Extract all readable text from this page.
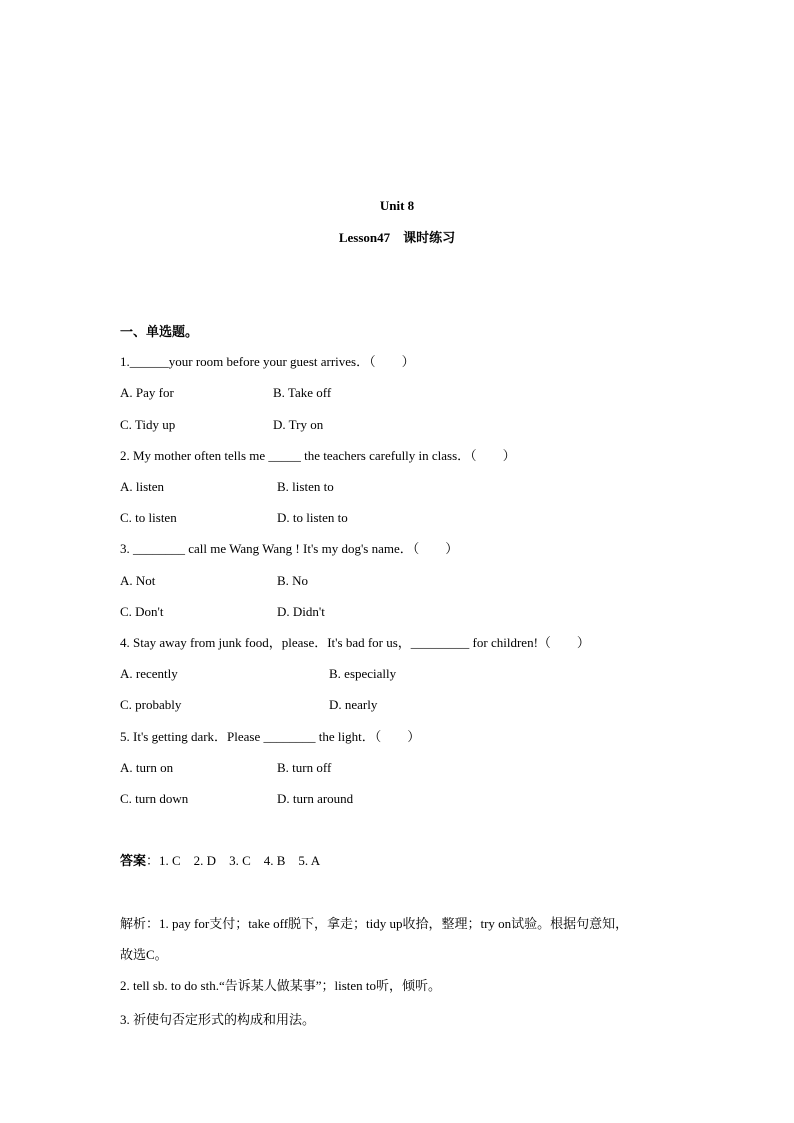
Unit 8
Lesson47　课时练习
一、单选题。
1.______your room before your guest arrives．（　　）
A. Pay for	B. Take off
C. Tidy up	D. Try on
2. My mother often tells me _____ the teachers carefully in class．（　　）
A. listen	B. listen to
C. to listen	D. to listen to
3. ________ call me Wang Wang ! It's my dog's name．（　　）
A. Not	B. No
C. Don't	D. Didn't
4. Stay away from junk food，please．It's bad for us，_________ for children!（　　）
A. recently	B. especially
C. probably	D. nearly
5. It's getting dark．Please ________ the light．（　　）
A. turn on	B. turn off
C. turn down	D. turn around
答案：1. C　2. D　3. C　4. B　5. A
解析：1. pay for支付；take off脱下，拿走；tidy up收拾，整理；try on试验。根据句意知，
故选C。
2. tell sb. to do sth.“告诉某人做某事”；listen to听，倾听。
3. 祈使句否定形式的构成和用法。
